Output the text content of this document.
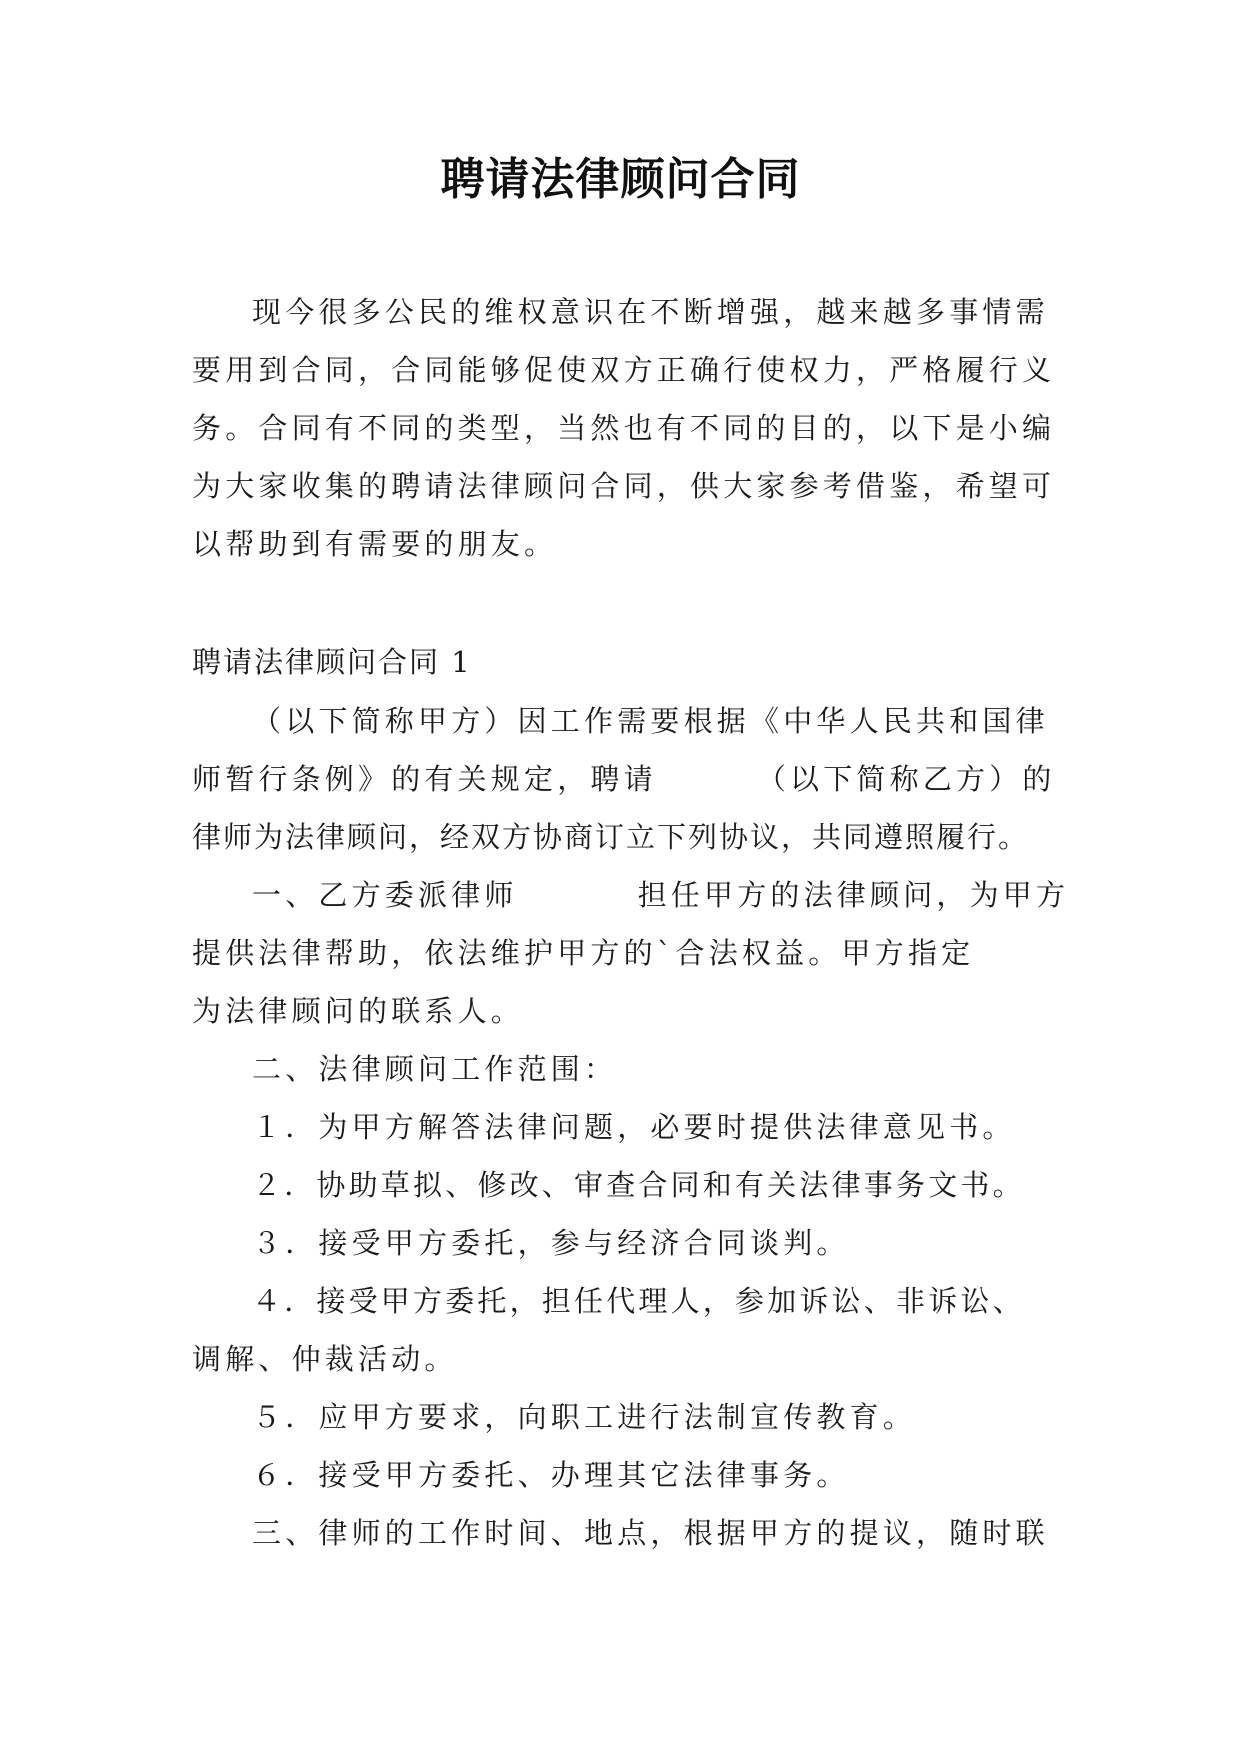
聘请法律顾问合同
现今很多公民的维权意识在不断增强，越来越多事情需
要用到合同，合同能够促使双方正确行使权力，严格履行义
务。合同有不同的类型，当然也有不同的目的，以下是小编
为大家收集的聘请法律顾问合同，供大家参考借鉴，希望可
以帮助到有需要的朋友。
聘请法律顾问合同 1
（以下简称甲方）因工作需要根据《中华人民共和国律
师暂行条例》的有关规定，聘请	（以下简称乙方）的
律师为法律顾问，经双方协商订立下列协议，共同遵照履行。
一、乙方委派律师	担任甲方的法律顾问，为甲方
提供法律帮助，依法维护甲方的`合法权益。甲方指定
为法律顾问的联系人。
二、法律顾问工作范围：
１．为甲方解答法律问题，必要时提供法律意见书。
２．协助草拟、修改、审查合同和有关法律事务文书。
３．接受甲方委托，参与经济合同谈判。
４．接受甲方委托，担任代理人，参加诉讼、非诉讼、
调解、仲裁活动。
５．应甲方要求，向职工进行法制宣传教育。
６．接受甲方委托、办理其它法律事务。
三、律师的工作时间、地点，根据甲方的提议，随时联
